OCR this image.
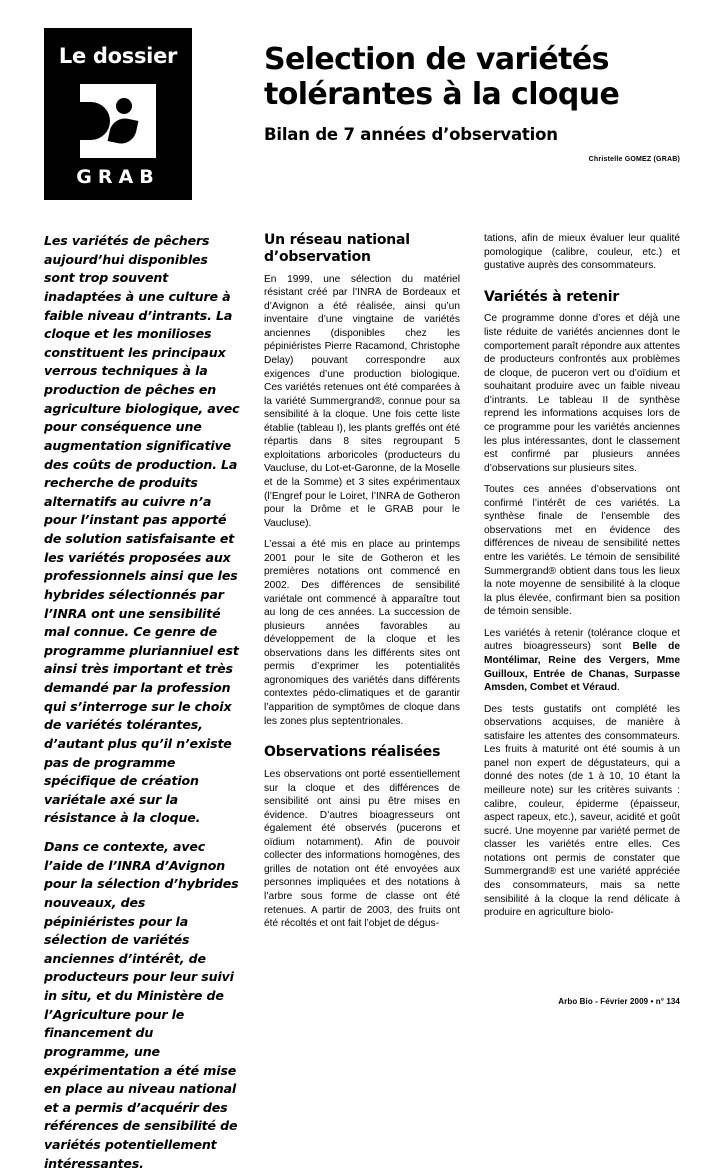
Le dossier
GRAB
Selection de variétés
tolérantes à la cloque

Bilan de 7 années d’observation

Christelle GOMEZ (GRAB)

Les variétés de pêchers aujourd’hui disponibles sont trop souvent inadaptées à une culture à faible niveau d’intrants. La cloque et les monilioses constituent les principaux verrous techniques à la production de pêches en agriculture biologique, avec pour conséquence une augmentation significative des coûts de production. La recherche de produits alternatifs au cuivre n’a pour l’instant pas apporté de solution satisfaisante et les variétés proposées aux professionnels ainsi que les hybrides sélectionnés par l’INRA ont une sensibilité mal connue. Ce genre de programme plurianniuel est ainsi très important et très demandé par la profession qui s’interroge sur le choix de variétés tolérantes, d’autant plus qu’il n’existe pas de programme spécifique de création variétale axé sur la résistance à la cloque.

Dans ce contexte, avec l’aide de l’INRA d’Avignon pour la sélection d’hybrides nouveaux, des pépiniéristes pour la sélection de variétés anciennes d’intérêt, de producteurs pour leur suivi in situ, et du Ministère de l’Agriculture pour le financement du programme, une expérimentation a été mise en place au niveau national et a permis d’acquérir des références de sensibilité de variétés potentiellement intéressantes.

Un réseau national d’observation

En 1999, une sélection du matériel résistant créé par l’INRA de Bordeaux et d’Avignon a été réalisée, ainsi qu’un inventaire d’une vingtaine de variétés anciennes (disponibles chez les pépiniéristes Pierre Racamond, Christophe Delay) pouvant correspondre aux exigences d’une production biologique. Ces variétés retenues ont été comparées à la variété Summergrand®, connue pour sa sensibilité à la cloque. Une fois cette liste établie (tableau I), les plants greffés ont été répartis dans 8 sites regroupant 5 exploitations arboricoles (producteurs du Vaucluse, du Lot-et-Garonne, de la Moselle et de la Somme) et 3 sites expérimentaux (l’Engref pour le Loiret, l’INRA de Gotheron pour la Drôme et le GRAB pour le Vaucluse).

L’essai a été mis en place au printemps 2001 pour le site de Gotheron et les premières notations ont commencé en 2002. Des différences de sensibilité variétale ont commencé à apparaître tout au long de ces années. La succession de plusieurs années favorables au développement de la cloque et les observations dans les différents sites ont permis d’exprimer les potentialités agronomiques des variétés dans différents contextes pédo-climatiques et de garantir l’apparition de symptômes de cloque dans les zones plus septentrionales.

Observations réalisées

Les observations ont porté essentiellement sur la cloque et des différences de sensibilité ont ainsi pu être mises en évidence. D’autres bioagresseurs ont également été observés (pucerons et oïdium notamment). Afin de pouvoir collecter des informations homogènes, des grilles de notation ont été envoyées aux personnes impliquées et des notations à l’arbre sous forme de classe ont été retenues. A partir de 2003, des fruits ont été récoltés et ont fait l’objet de dégus-

tations, afin de mieux évaluer leur qualité pomologique (calibre, couleur, etc.) et gustative auprès des consommateurs.

Variétés à retenir

Ce programme donne d’ores et déjà une liste réduite de variétés anciennes dont le comportement paraît répondre aux attentes de producteurs confrontés aux problèmes de cloque, de puceron vert ou d’oïdium et souhaitant produire avec un faible niveau d’intrants. Le tableau II de synthèse reprend les informations acquises lors de ce programme pour les variétés anciennes les plus intéressantes, dont le classement est confirmé par plusieurs années d’observations sur plusieurs sites.

Toutes ces années d’observations ont confirmé l’intérêt de ces variétés. La synthèse finale de l’ensemble des observations met en évidence des différences de niveau de sensibilité nettes entre les variétés. Le témoin de sensibilité Summergrand® obtient dans tous les lieux la note moyenne de sensibilité à la cloque la plus élevée, confirmant bien sa position de témoin sensible.

Les variétés à retenir (tolérance cloque et autres bioagresseurs) sont Belle de Montélimar, Reine des Vergers, Mme Guilloux, Entrée de Chanas, Surpasse Amsden, Combet et Véraud.

Des tests gustatifs ont complété les observations acquises, de manière à satisfaire les attentes des consommateurs. Les fruits à maturité ont été soumis à un panel non expert de dégustateurs, qui a donné des notes (de 1 à 10, 10 étant la meilleure note) sur les critères suivants : calibre, couleur, épiderme (épaisseur, aspect rapeux, etc.), saveur, acidité et goût sucré. Une moyenne par variété permet de classer les variétés entre elles. Ces notations ont permis de constater que Summergrand® est une variété appréciée des consommateurs, mais sa nette sensibilité à la cloque la rend délicate à produire en agriculture biolo-

Arbo Bio - Février 2009 • n° 134
